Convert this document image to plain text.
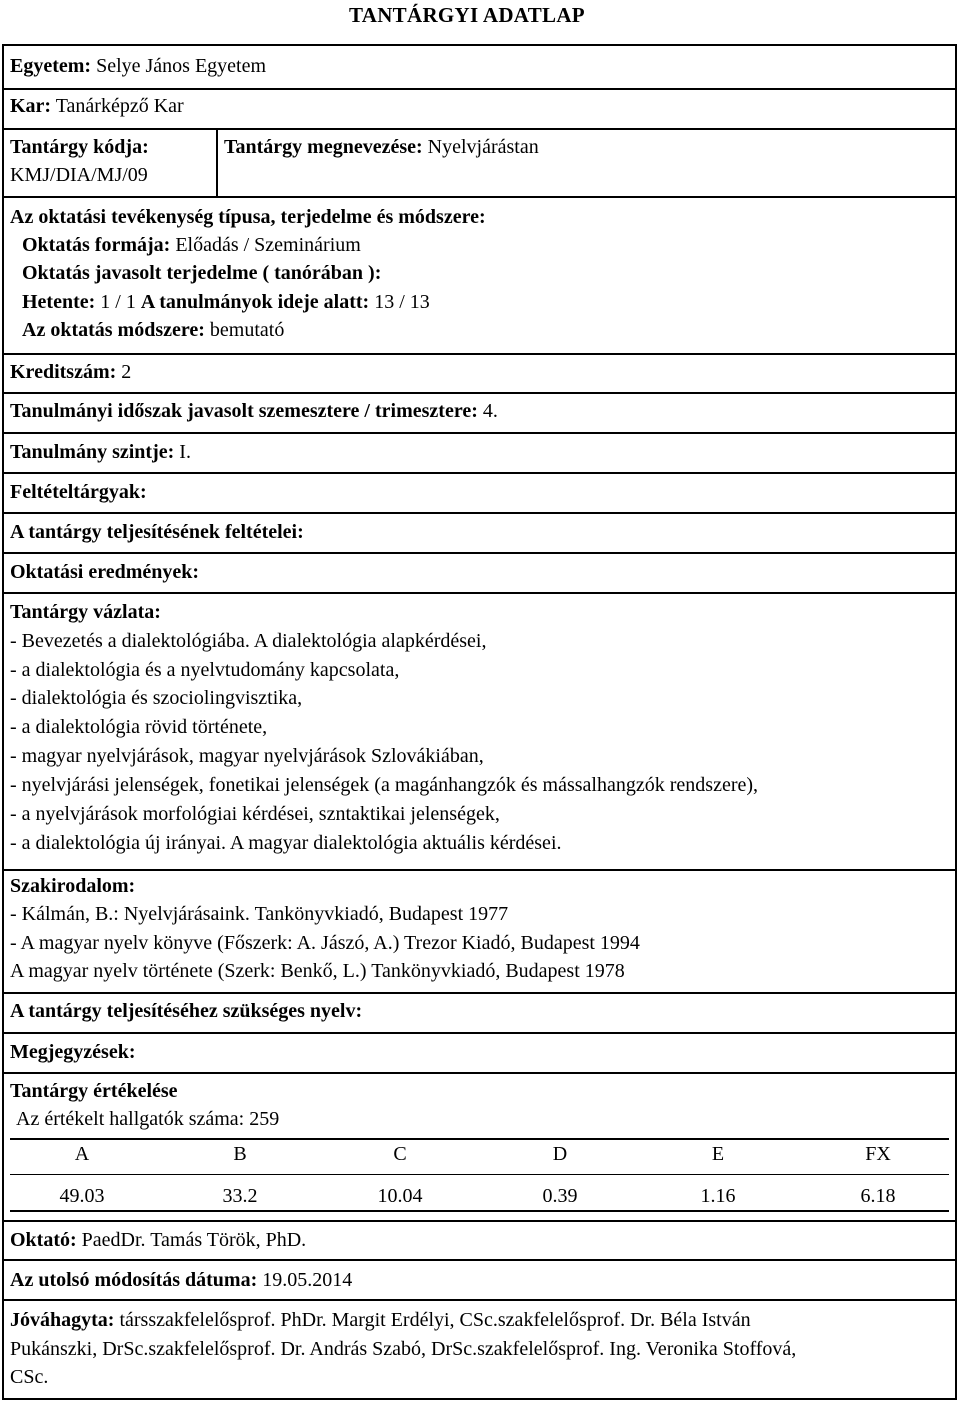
TANTÁRGYI ADATLAP
Egyetem: Selye János Egyetem
Kar: Tanárképző Kar
Tantárgy kódja:
KMJ/DIA/MJ/09
Tantárgy megnevezése: Nyelvjárástan
Az oktatási tevékenység típusa, terjedelme és módszere:
Oktatás formája: Előadás / Szeminárium
Oktatás javasolt terjedelme ( tanórában ):
Hetente: 1 / 1 A tanulmányok ideje alatt: 13 / 13
Az oktatás módszere: bemutató
Kreditszám: 2
Tanulmányi időszak javasolt szemesztere / trimesztere: 4.
Tanulmány szintje: I.
Feltételtárgyak:
A tantárgy teljesítésének feltételei:
Oktatási eredmények:
Tantárgy vázlata:
- Bevezetés a dialektológiába. A dialektológia alapkérdései,
- a dialektológia és a nyelvtudomány kapcsolata,
- dialektológia és szociolingvisztika,
- a dialektológia rövid története,
- magyar nyelvjárások, magyar nyelvjárások Szlovákiában,
- nyelvjárási jelenségek, fonetikai jelenségek (a magánhangzók és mássalhangzók rendszere),
- a nyelvjárások morfológiai kérdései, szntaktikai jelenségek,
- a dialektológia új irányai. A magyar dialektológia aktuális kérdései.
Szakirodalom:
- Kálmán, B.: Nyelvjárásaink. Tankönyvkiadó, Budapest 1977
- A magyar nyelv könyve (Főszerk: A. Jászó, A.) Trezor Kiadó, Budapest 1994
A magyar nyelv története (Szerk: Benkő, L.) Tankönyvkiadó, Budapest 1978
A tantárgy teljesítéséhez szükséges nyelv:
Megjegyzések:
Tantárgy értékelése
Az értékelt hallgatók száma: 259
A	B	C	D	E	FX
49.03	33.2	10.04	0.39	1.16	6.18
Oktató: PaedDr. Tamás Török, PhD.
Az utolsó módosítás dátuma: 19.05.2014
Jóváhagyta: társszakfelelősprof. PhDr. Margit Erdélyi, CSc.szakfelelősprof. Dr. Béla István
Pukánszki, DrSc.szakfelelősprof. Dr. András Szabó, DrSc.szakfelelősprof. Ing. Veronika Stoffová,
CSc.
